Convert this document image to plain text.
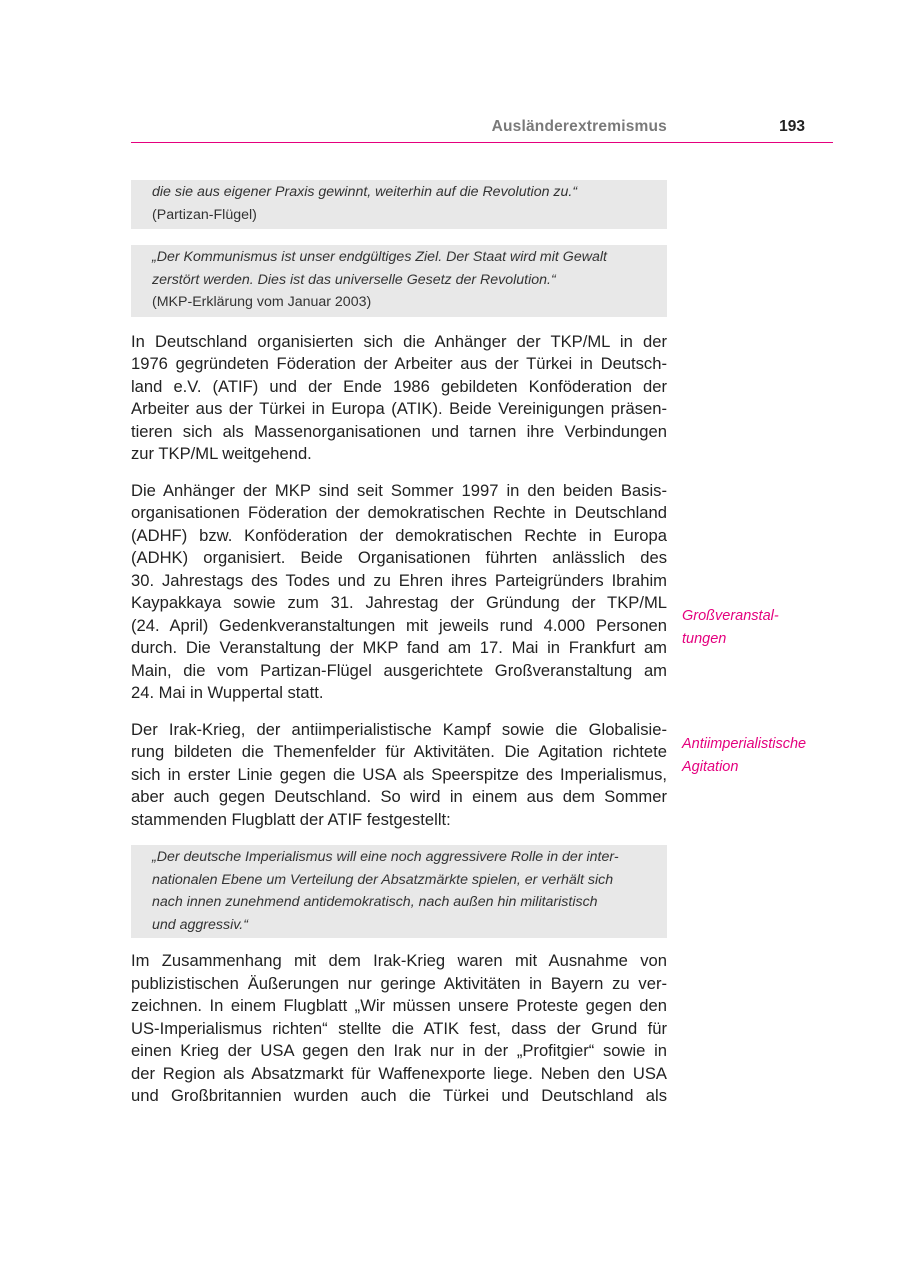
Ausländerextremismus	193
die sie aus eigener Praxis gewinnt, weiterhin auf die Revolution zu.“
(Partizan-Flügel)
„Der Kommunismus ist unser endgültiges Ziel. Der Staat wird mit Gewalt
zerstört werden. Dies ist das universelle Gesetz der Revolution.“
(MKP-Erklärung vom Januar 2003)
In Deutschland organisierten sich die Anhänger der TKP/ML in der
1976 gegründeten Föderation der Arbeiter aus der Türkei in Deutsch-
land e.V. (ATIF) und der Ende 1986 gebildeten Konföderation der
Arbeiter aus der Türkei in Europa (ATIK). Beide Vereinigungen präsen-
tieren sich als Massenorganisationen und tarnen ihre Verbindungen
zur TKP/ML weitgehend.
Die Anhänger der MKP sind seit Sommer 1997 in den beiden Basis-
organisationen Föderation der demokratischen Rechte in Deutschland
(ADHF) bzw. Konföderation der demokratischen Rechte in Europa
(ADHK) organisiert. Beide Organisationen führten anlässlich des
30. Jahrestags des Todes und zu Ehren ihres Parteigründers Ibrahim
Kaypakkaya sowie zum 31. Jahrestag der Gründung der TKP/ML
(24. April) Gedenkveranstaltungen mit jeweils rund 4.000 Personen
durch. Die Veranstaltung der MKP fand am 17. Mai in Frankfurt am
Main, die vom Partizan-Flügel ausgerichtete Großveranstaltung am
24. Mai in Wuppertal statt.
Der Irak-Krieg, der antiimperialistische Kampf sowie die Globalisie-
rung bildeten die Themenfelder für Aktivitäten. Die Agitation richtete
sich in erster Linie gegen die USA als Speerspitze des Imperialismus,
aber auch gegen Deutschland. So wird in einem aus dem Sommer
stammenden Flugblatt der ATIF festgestellt:
„Der deutsche Imperialismus will eine noch aggressivere Rolle in der inter-
nationalen Ebene um Verteilung der Absatzmärkte spielen, er verhält sich
nach innen zunehmend antidemokratisch, nach außen hin militaristisch
und aggressiv.“
Im Zusammenhang mit dem Irak-Krieg waren mit Ausnahme von
publizistischen Äußerungen nur geringe Aktivitäten in Bayern zu ver-
zeichnen. In einem Flugblatt „Wir müssen unsere Proteste gegen den
US-Imperialismus richten“ stellte die ATIK fest, dass der Grund für
einen Krieg der USA gegen den Irak nur in der „Profitgier“ sowie in
der Region als Absatzmarkt für Waffenexporte liege. Neben den USA
und Großbritannien wurden auch die Türkei und Deutschland als
Großveranstal-
tungen
Antiimperialistische
Agitation
